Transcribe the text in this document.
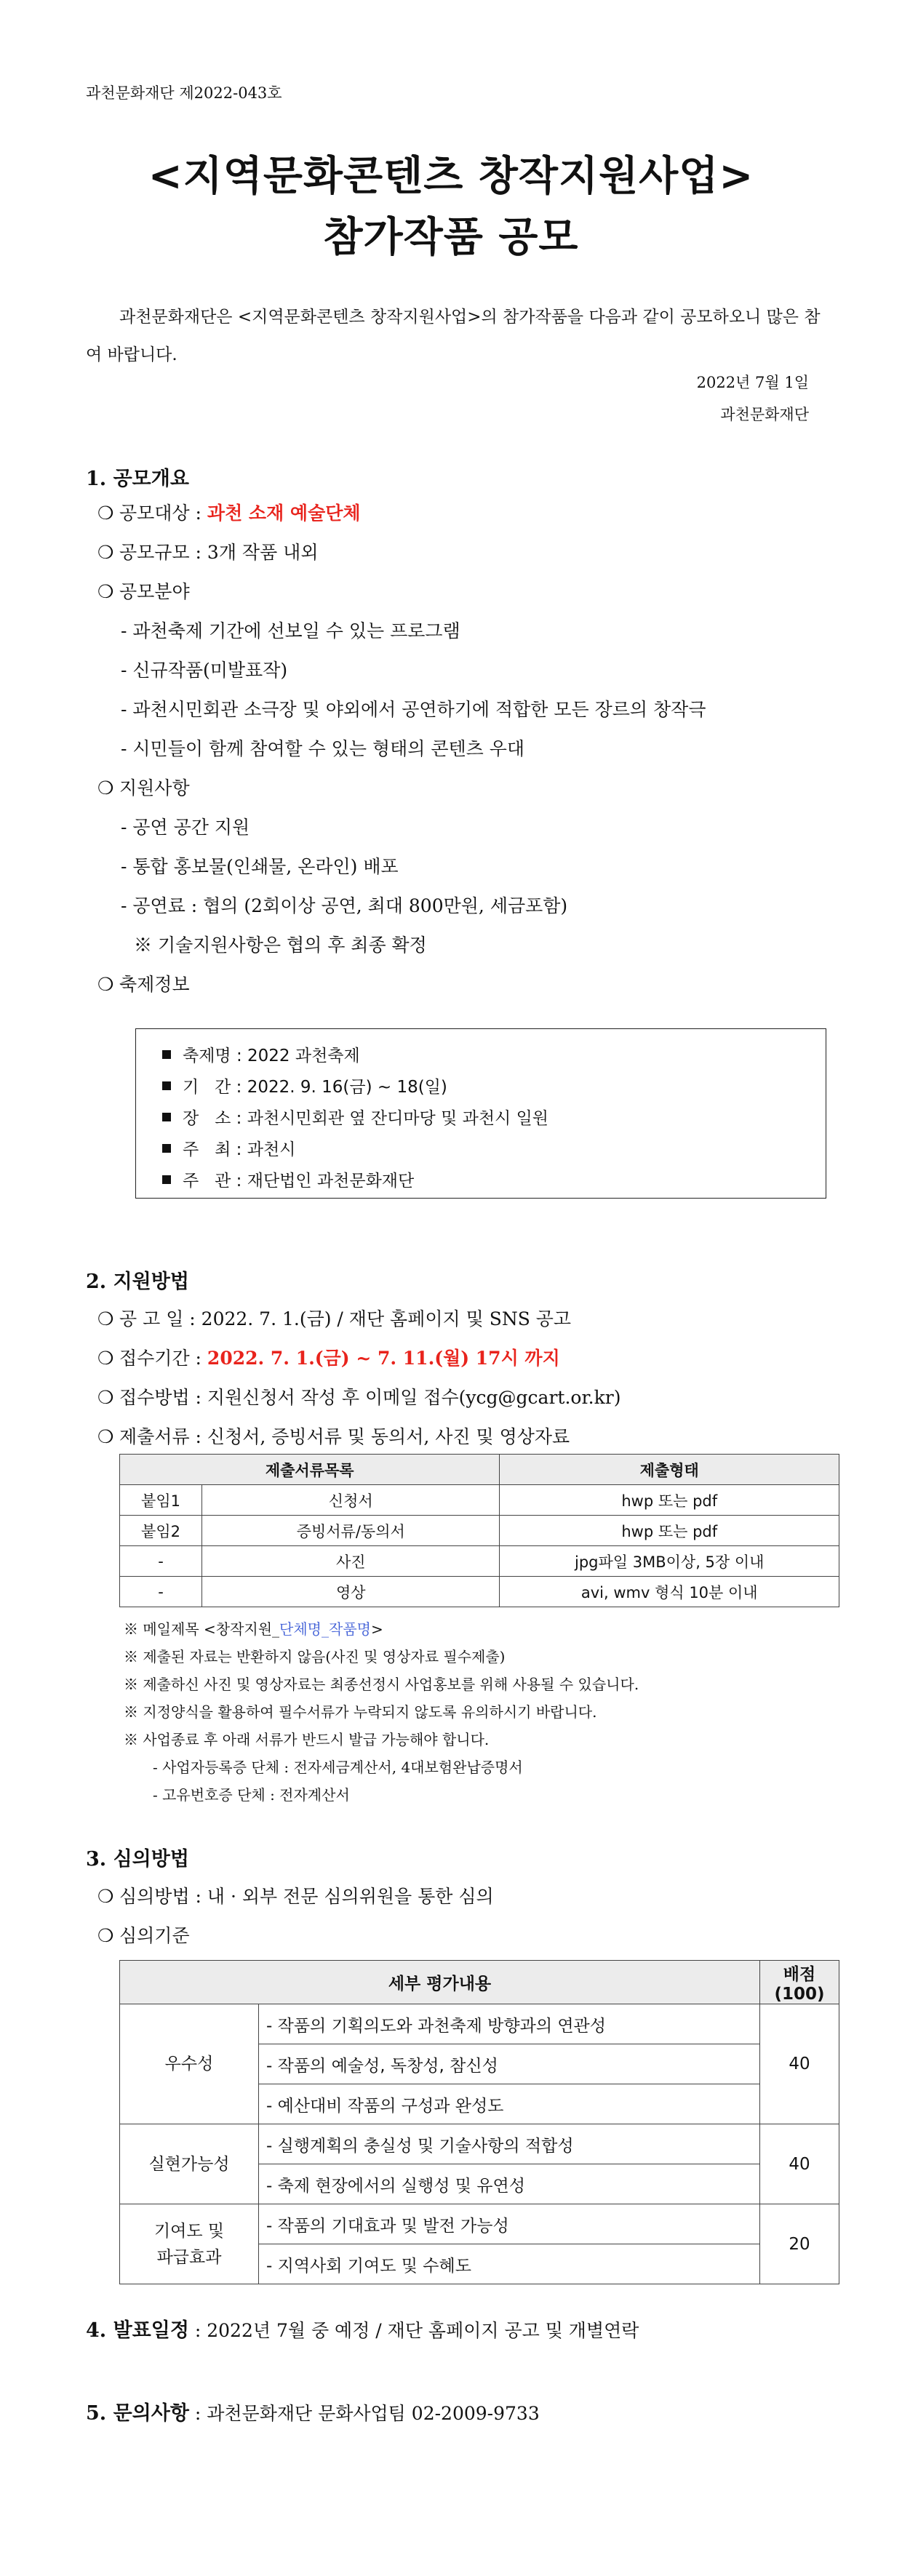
과천문화재단 제2022-043호
<지역문화콘텐츠 창작지원사업>
참가작품 공모
과천문화재단은 <지역문화콘텐츠 창작지원사업>의 참가작품을 다음과 같이 공모하오니 많은 참여 바랍니다.
2022년 7월 1일
과천문화재단
1. 공모개요
❍ 공모대상 : 과천 소재 예술단체
❍ 공모규모 : 3개 작품 내외
❍ 공모분야
- 과천축제 기간에 선보일 수 있는 프로그램
- 신규작품(미발표작)
- 과천시민회관 소극장 및 야외에서 공연하기에 적합한 모든 장르의 창작극
- 시민들이 함께 참여할 수 있는 형태의 콘텐츠 우대
❍ 지원사항
- 공연 공간 지원
- 통합 홍보물(인쇄물, 온라인) 배포
- 공연료 : 협의 (2회이상 공연, 최대 800만원, 세금포함)
※ 기술지원사항은 협의 후 최종 확정
❍ 축제정보
축제명 : 2022 과천축제
기   간 : 2022. 9. 16(금) ~ 18(일)
장   소 : 과천시민회관 옆 잔디마당 및 과천시 일원
주   최 : 과천시
주   관 : 재단법인 과천문화재단
2. 지원방법
❍ 공 고 일 : 2022. 7. 1.(금) / 재단 홈페이지 및 SNS 공고
❍ 접수기간 : 2022. 7. 1.(금) ~ 7. 11.(월) 17시 까지
❍ 접수방법 : 지원신청서 작성 후 이메일 접수(ycg@gcart.or.kr)
❍ 제출서류 : 신청서, 증빙서류 및 동의서, 사진 및 영상자료
제출서류목록		제출형태
붙임1	신청서	hwp 또는 pdf
붙임2	증빙서류/동의서	hwp 또는 pdf
-	사진	jpg파일 3MB이상, 5장 이내
-	영상	avi, wmv 형식 10분 이내
※ 메일제목 <창작지원_단체명_작품명>
※ 제출된 자료는 반환하지 않음(사진 및 영상자료 필수제출)
※ 제출하신 사진 및 영상자료는 최종선정시 사업홍보를 위해 사용될 수 있습니다.
※ 지정양식을 활용하여 필수서류가 누락되지 않도록 유의하시기 바랍니다.
※ 사업종료 후 아래 서류가 반드시 발급 가능해야 합니다.
- 사업자등록증 단체 : 전자세금계산서, 4대보험완납증명서
- 고유번호증 단체 : 전자계산서
3. 심의방법
❍ 심의방법 : 내 · 외부 전문 심의위원을 통한 심의
❍ 심의기준
세부 평가내용		배점(100)
우수성	- 작품의 기획의도와 과천축제 방향과의 연관성	40
	- 작품의 예술성, 독창성, 참신성	
	- 예산대비 작품의 구성과 완성도	
실현가능성	- 실행계획의 충실성 및 기술사항의 적합성	40
	- 축제 현장에서의 실행성 및 유연성	
기여도 및
파급효과	- 작품의 기대효과 및 발전 가능성	20
	- 지역사회 기여도 및 수혜도	
4. 발표일정 : 2022년 7월 중 예정 / 재단 홈페이지 공고 및 개별연락
5. 문의사항 : 과천문화재단 문화사업팀 02-2009-9733
